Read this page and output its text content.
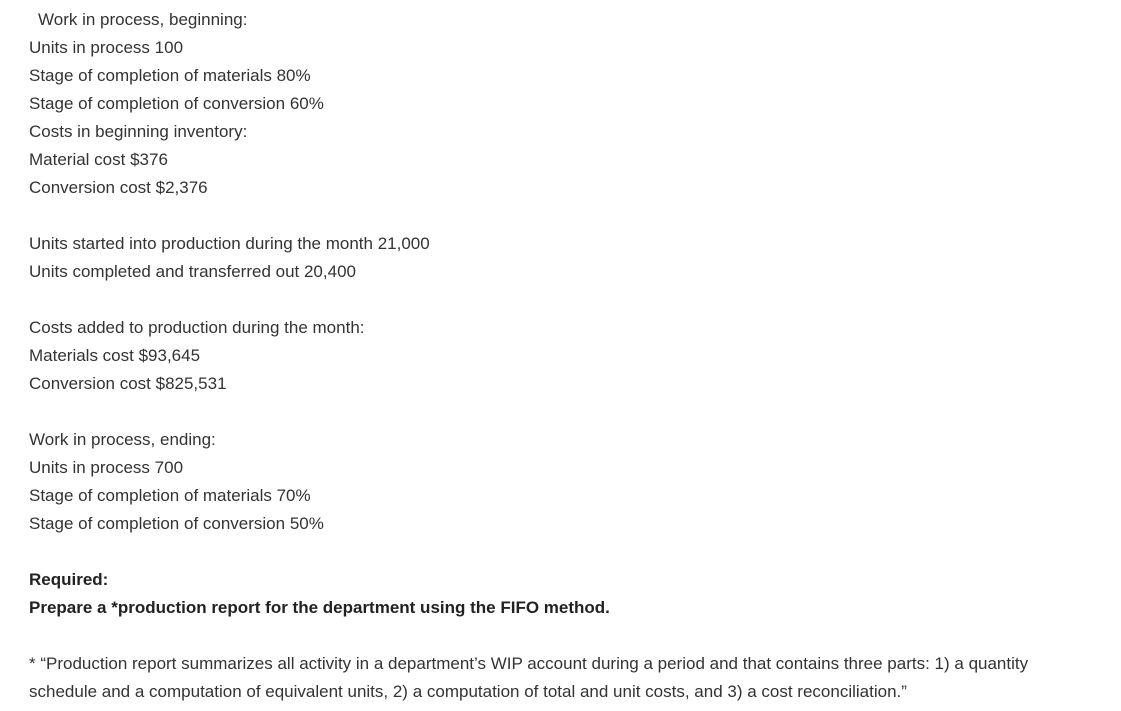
Work in process, beginning:
Units in process 100
Stage of completion of materials 80%
Stage of completion of conversion 60%
Costs in beginning inventory:
Material cost $376
Conversion cost $2,376
Units started into production during the month 21,000
Units completed and transferred out 20,400
Costs added to production during the month:
Materials cost $93,645
Conversion cost $825,531
Work in process, ending:
Units in process 700
Stage of completion of materials 70%
Stage of completion of conversion 50%
Required:
Prepare a *production report for the department using the FIFO method.
* “Production report summarizes all activity in a department’s WIP account during a period and that contains three parts: 1) a quantity schedule and a computation of equivalent units, 2) a computation of total and unit costs, and 3) a cost reconciliation.”
